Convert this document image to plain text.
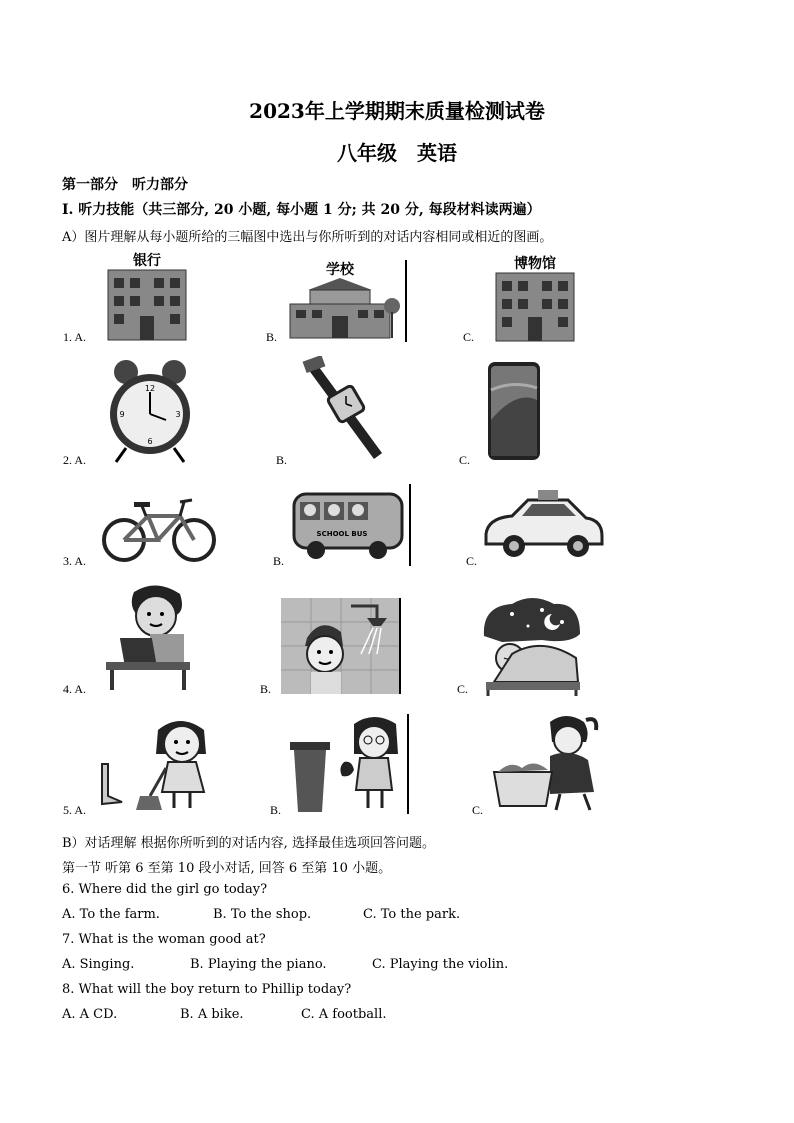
2023年上学期期末质量检测试卷
八年级　英语
第一部分　听力部分
I. 听力技能（共三部分, 20 小题, 每小题 1 分; 共 20 分, 每段材料读两遍）
A）图片理解从每小题所给的三幅图中选出与你所听到的对话内容相同或相近的图画。
1. A.
银行
B.
学校
C.
博物馆
2. A.
12
3
6
9
B.	C.
3. A.	B.
SCHOOL BUS
C.
4. A.	B.	C.
5. A.	B.	C.
B）对话理解 根据你所听到的对话内容, 选择最佳选项回答问题。
第一节 听第 6 至第 10 段小对话, 回答 6 至第 10 小题。
6. Where did the girl go today?
A. To the farm.	B. To the shop.	C. To the park.
7. What is the woman good at?
A. Singing.	B. Playing the piano.	C. Playing the violin.
8. What will the boy return to Phillip today?
A. A CD.	B. A bike.	C. A football.
